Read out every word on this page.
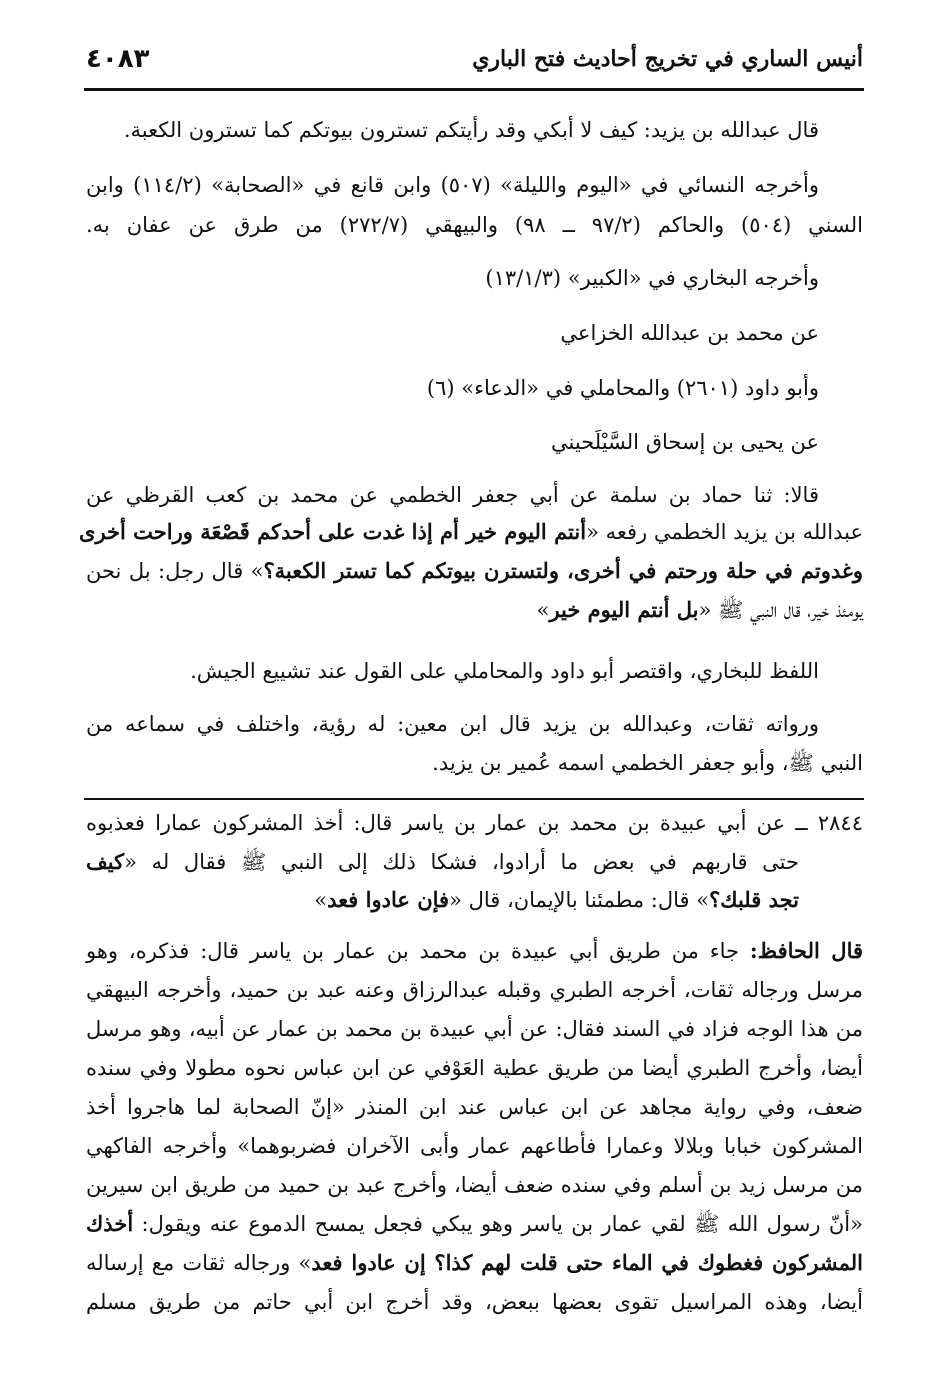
أنيس الساري في تخريج أحاديث فتح الباري
٤٠٨٣

قال عبدالله بن يزيد: كيف لا أبكي وقد رأيتكم تسترون بيوتكم كما تسترون الكعبة.

وأخرجه النسائي في «اليوم والليلة» (٥٠٧) وابن قانع في «الصحابة» (١١٤/٢) وابن

السني (٥٠٤) والحاكم (٩٧/٢ ــ ٩٨) والبيهقي (٢٧٢/٧) من طرق عن عفان به.

وأخرجه البخاري في «الكبير» (١٣/١/٣)

عن محمد بن عبدالله الخزاعي

وأبو داود (٢٦٠١) والمحاملي في «الدعاء» (٦)

عن يحيى بن إسحاق السَّيْلَحيني

قالا: ثنا حماد بن سلمة عن أبي جعفر الخطمي عن محمد بن كعب القرظي عن

عبدالله بن يزيد الخطمي رفعه «أنتم اليوم خير أم إذا غدت على أحدكم قَصْعَة وراحت أخرى

وغدوتم في حلة ورحتم في أخرى، ولتسترن بيوتكم كما تستر الكعبة؟» قال رجل: بل نحن

يومئذ خير، قال النبي ﷺ «بل أنتم اليوم خير»

اللفظ للبخاري، واقتصر أبو داود والمحاملي على القول عند تشييع الجيش.

ورواته ثقات، وعبدالله بن يزيد قال ابن معين: له رؤية، واختلف في سماعه من

النبي ﷺ، وأبو جعفر الخطمي اسمه عُمير بن يزيد.

٢٨٤٤ ــ عن أبي عبيدة بن محمد بن عمار بن ياسر قال: أخذ المشركون عمارا فعذبوه

حتى قاربهم في بعض ما أرادوا، فشكا ذلك إلى النبي ﷺ فقال له «كيف

تجد قلبك؟» قال: مطمئنا بالإيمان، قال «فإن عادوا فعد»

قال الحافظ: جاء من طريق أبي عبيدة بن محمد بن عمار بن ياسر قال: فذكره، وهو

مرسل ورجاله ثقات، أخرجه الطبري وقبله عبدالرزاق وعنه عبد بن حميد، وأخرجه البيهقي

من هذا الوجه فزاد في السند فقال: عن أبي عبيدة بن محمد بن عمار عن أبيه، وهو مرسل

أيضا، وأخرج الطبري أيضا من طريق عطية العَوْفي عن ابن عباس نحوه مطولا وفي سنده

ضعف، وفي رواية مجاهد عن ابن عباس عند ابن المنذر «إنّ الصحابة لما هاجروا أخذ

المشركون خبابا وبلالا وعمارا فأطاعهم عمار وأبى الآخران فضربوهما» وأخرجه الفاكهي

من مرسل زيد بن أسلم وفي سنده ضعف أيضا، وأخرج عبد بن حميد من طريق ابن سيرين

«أنّ رسول الله ﷺ لقي عمار بن ياسر وهو يبكي فجعل يمسح الدموع عنه ويقول: أخذك

المشركون فغطوك في الماء حتى قلت لهم كذا؟ إن عادوا فعد» ورجاله ثقات مع إرساله

أيضا، وهذه المراسيل تقوى بعضها ببعض، وقد أخرج ابن أبي حاتم من طريق مسلم
